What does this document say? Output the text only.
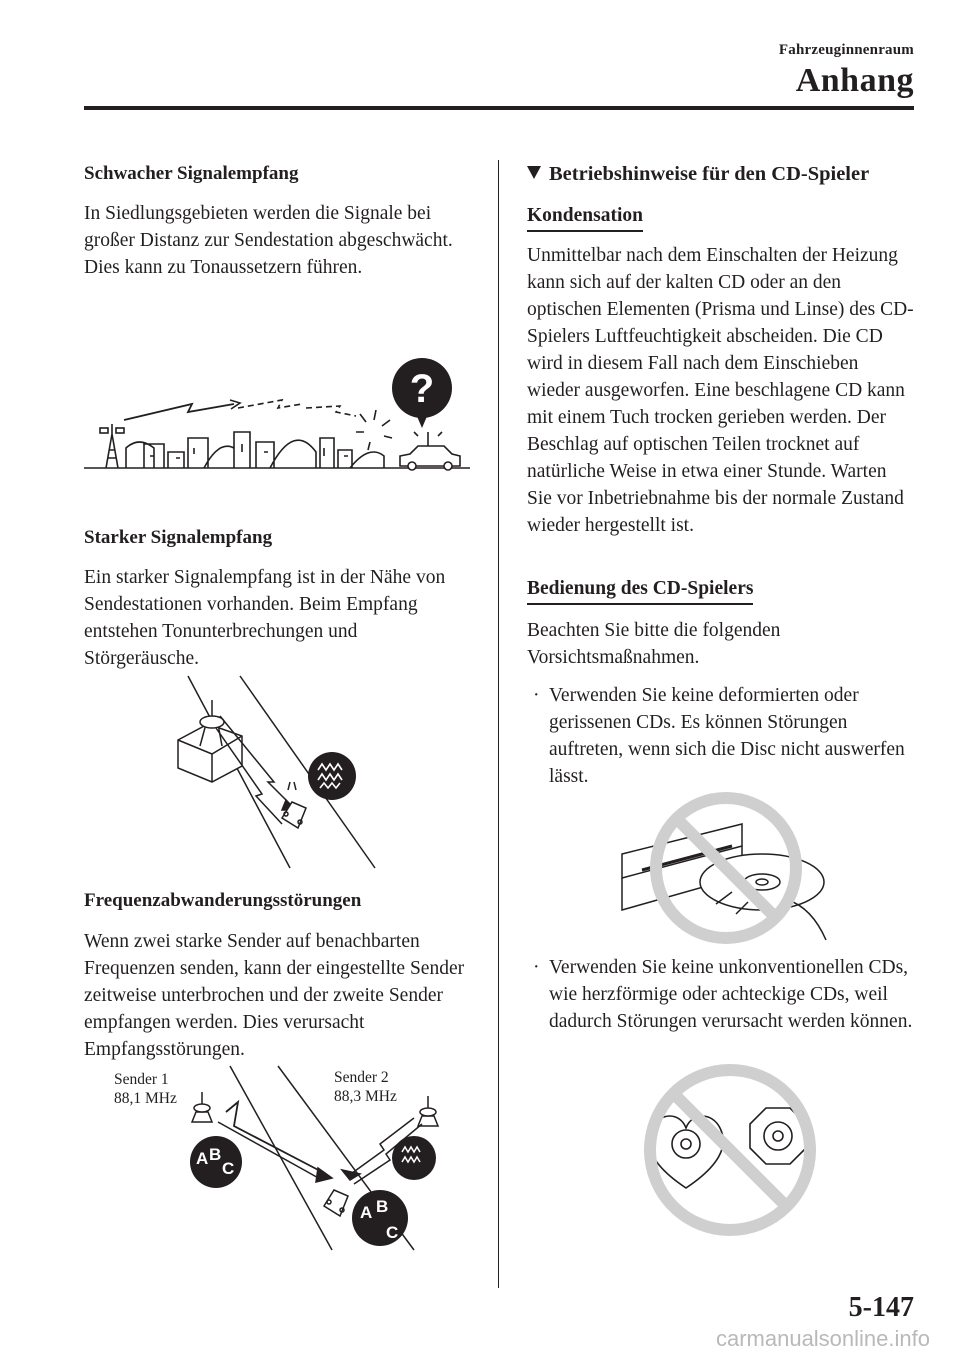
Fahrzeuginnenraum
Anhang
Schwacher Signalempfang

In Siedlungsgebieten werden die Signale bei großer Distanz zur Sendestation abgeschwächt. Dies kann zu Tonaussetzern führen.

?
Starker Signalempfang

Ein starker Signalempfang ist in der Nähe von Sendestationen vorhanden. Beim Empfang entstehen Tonunterbrechungen und Störgeräusche.

Frequenzabwanderungsstörungen

Wenn zwei starke Sender auf benachbarten Frequenzen senden, kann der eingestellte Sender zeitweise unterbrochen und der zweite Sender empfangen werden. Dies verursacht Empfangsstörungen.

Sender 1
88,1 MHz
Sender 2
88,3 MHz
A B
C
A B
C
Betriebshinweise für den CD-Spieler
Kondensation

Unmittelbar nach dem Einschalten der Heizung kann sich auf der kalten CD oder an den optischen Elementen (Prisma und Linse) des CD-Spielers Luftfeuchtigkeit abscheiden. Die CD wird in diesem Fall nach dem Einschieben wieder ausgeworfen. Eine beschlagene CD kann mit einem Tuch trocken gerieben werden. Der Beschlag auf optischen Teilen trocknet auf natürliche Weise in etwa einer Stunde. Warten Sie vor Inbetriebnahme bis der normale Zustand wieder hergestellt ist.

Bedienung des CD-Spielers

Beachten Sie bitte die folgenden Vorsichtsmaßnahmen.

· Verwenden Sie keine deformierten oder gerissenen CDs. Es können Störungen auftreten, wenn sich die Disc nicht auswerfen lässt.
· Verwenden Sie keine unkonventionellen CDs, wie herzförmige oder achteckige CDs, weil dadurch Störungen verursacht werden können.
5-147
carmanualsonline.info
